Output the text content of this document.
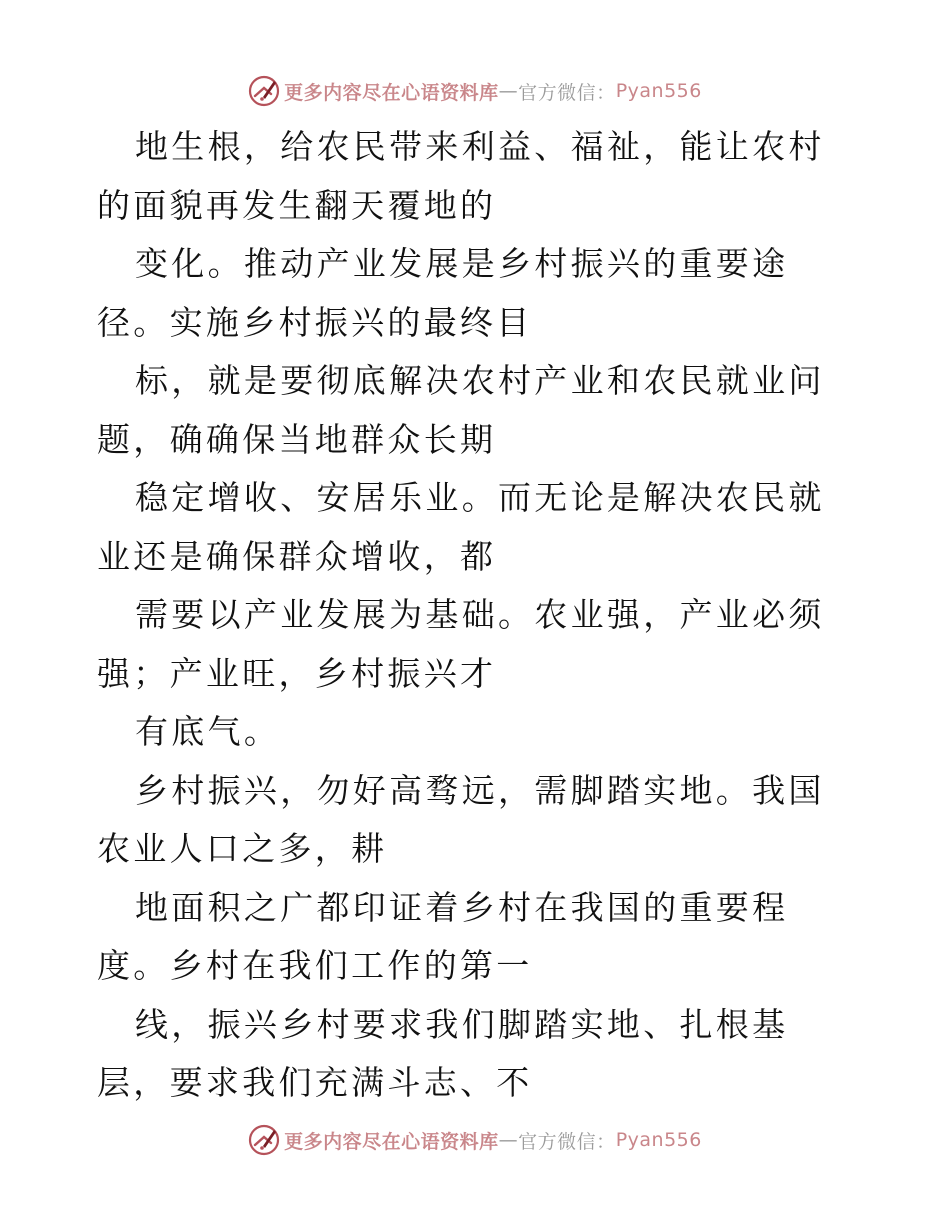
更多内容尽在心语资料库 — 官方微信： Pyan556

地生根，给农民带来利益、福祉，能让农村的面貌再发生翻天覆地的

变化。推动产业发展是乡村振兴的重要途径。实施乡村振兴的最终目

标，就是要彻底解决农村产业和农民就业问题，确确保当地群众长期

稳定增收、安居乐业。而无论是解决农民就业还是确保群众增收，都

需要以产业发展为基础。农业强，产业必须强；产业旺，乡村振兴才

有底气。

乡村振兴，勿好高骛远，需脚踏实地。我国农业人口之多，耕

地面积之广都印证着乡村在我国的重要程度。乡村在我们工作的第一

线，振兴乡村要求我们脚踏实地、扎根基层，要求我们充满斗志、不

更多内容尽在心语资料库 — 官方微信： Pyan556
